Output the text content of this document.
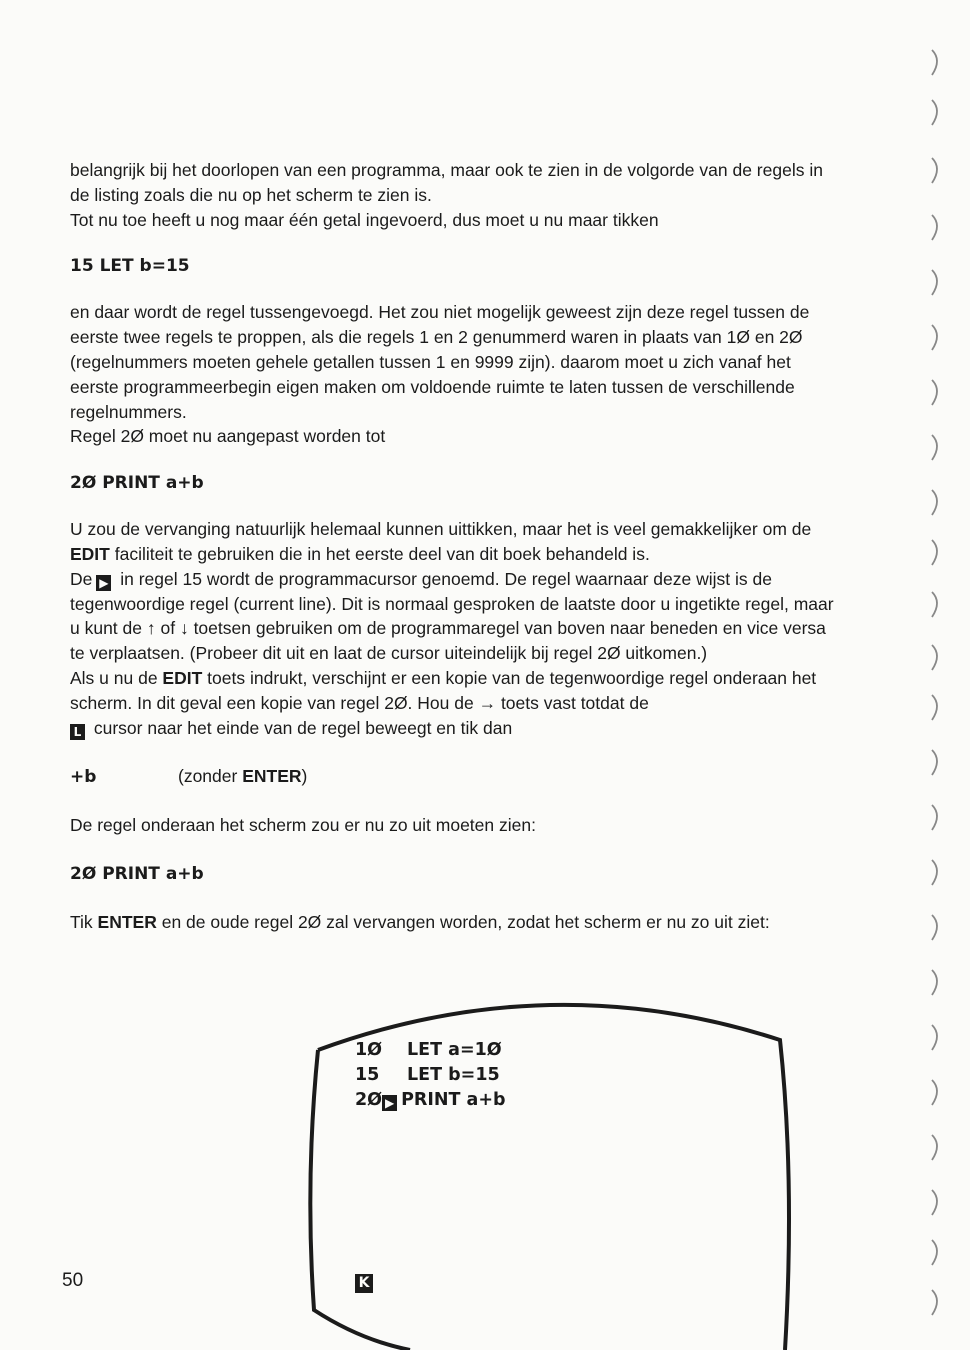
belangrijk bij het doorlopen van een programma, maar ook te zien in de volgorde van de regels in de listing zoals die nu op het scherm te zien is.

Tot nu toe heeft u nog maar één getal ingevoerd, dus moet u nu maar tikken

15 LET b=15

en daar wordt de regel tussengevoegd. Het zou niet mogelijk geweest zijn deze regel tussen de eerste twee regels te proppen, als die regels 1 en 2 genummerd waren in plaats van 1Ø en 2Ø (regelnummers moeten gehele getallen tussen 1 en 9999 zijn). daarom moet u zich vanaf het eerste programmeerbegin eigen maken om voldoende ruimte te laten tussen de verschillende regelnummers.

Regel 2Ø moet nu aangepast worden tot

2Ø PRINT a+b

U zou de vervanging natuurlijk helemaal kunnen uittikken, maar het is veel gemakkelijker om de EDIT faciliteit te gebruiken die in het eerste deel van dit boek behandeld is.

De ▶ in regel 15 wordt de programmacursor genoemd. De regel waarnaar deze wijst is de tegenwoordige regel (current line). Dit is normaal gesproken de laatste door u ingetikte regel, maar u kunt de ↑ of ↓ toetsen gebruiken om de programmaregel van boven naar beneden en vice versa te verplaatsen. (Probeer dit uit en laat de cursor uiteindelijk bij regel 2Ø uitkomen.)

Als u nu de EDIT toets indrukt, verschijnt er een kopie van de tegenwoordige regel onderaan het scherm. In dit geval een kopie van regel 2Ø. Hou de → toets vast totdat de

L cursor naar het einde van de regel beweegt en tik dan

+b	(zonder ENTER)

De regel onderaan het scherm zou er nu zo uit moeten zien:

2Ø PRINT a+b

Tik ENTER en de oude regel 2Ø zal vervangen worden, zodat het scherm er nu zo uit ziet:

1Ø LET a=1Ø
15 LET b=15
2Ø ▶ PRINT a+b
K
50
